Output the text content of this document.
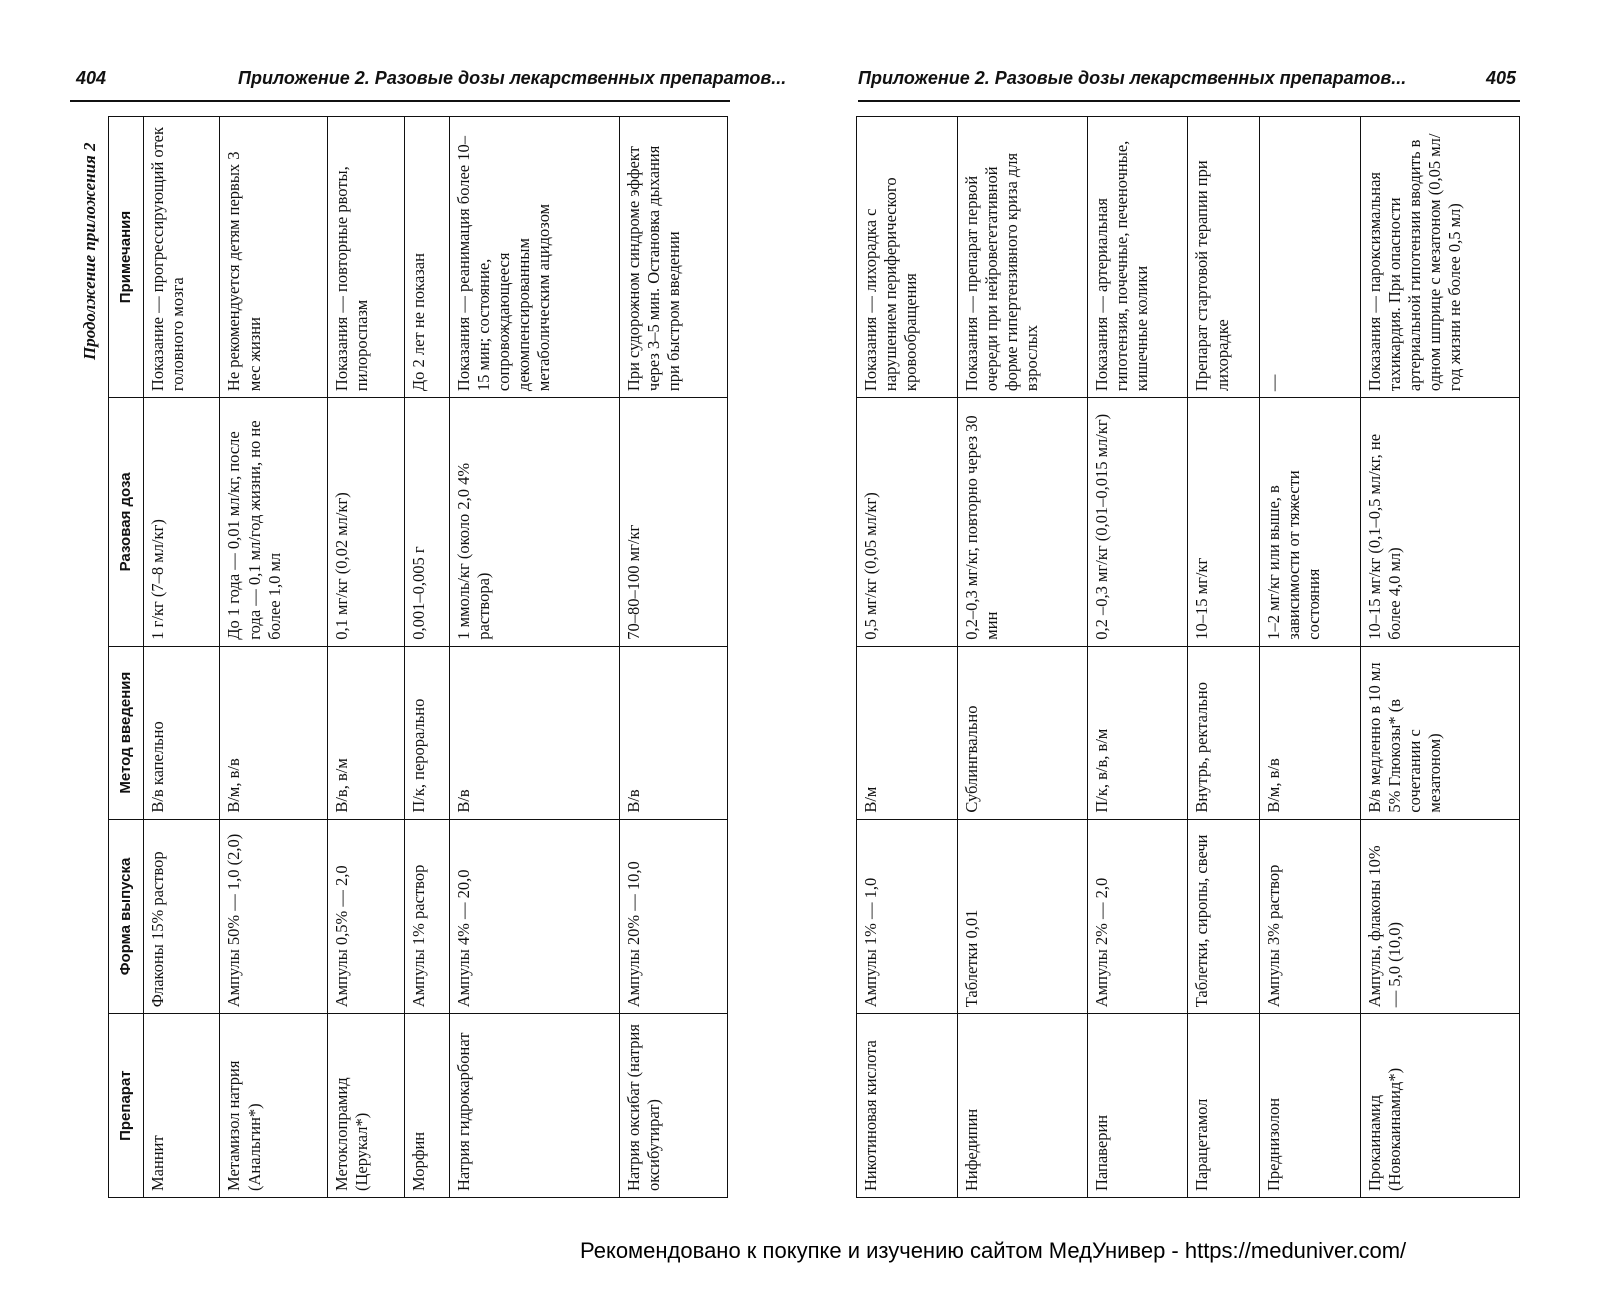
404	Приложение 2. Разовые дозы лекарственных препаратов...	Приложение 2. Разовые дозы лекарственных препаратов...	405
Продолжение приложения 2
Препарат	Форма выпуска	Метод введения	Разовая доза	Примечания
Маннит	Флаконы 15% раствор	В/в капельно	1 г/кг (7–8 мл/кг)	Показание — прогрессирующий отек головного мозга
Метамизол натрия (Анальгин*)	Ампулы 50% — 1,0 (2,0)	В/м, в/в	До 1 года — 0,01 мл/кг, после года — 0,1 мл/год жизни, но не более 1,0 мл	Не рекомендуется детям первых 3 мес жизни
Метоклопрамид (Церукал*)	Ампулы 0,5% — 2,0	В/в, в/м	0,1 мг/кг (0,02 мл/кг)	Показания — повторные рвоты, пилороспазм
Морфин	Ампулы 1% раствор	П/к, перорально	0,001–0,005 г	До 2 лет не показан
Натрия гидрокарбонат	Ампулы 4% — 20,0	В/в	1 ммоль/кг (около 2,0 4% раствора)	Показания — реанимация более 10–15 мин; состояние, сопровождающееся декомпенсированным метаболическим ацидозом
Натрия оксибат (натрия оксибутират)	Ампулы 20% — 10,0	В/в	70–80–100 мг/кг	При судорожном синдроме эффект через 3–5 мин. Остановка дыхания при быстром введении
Никотиновая кислота	Ампулы 1% — 1,0	В/м	0,5 мг/кг (0,05 мл/кг)	Показания — лихорадка с нарушением периферического кровообращения
Нифедипин	Таблетки 0,01	Сублингвально	0,2–0,3 мг/кг, повторно через 30 мин	Показания — препарат первой очереди при нейровегетативной форме гипертензивного криза для взрослых
Папаверин	Ампулы 2% — 2,0	П/к, в/в, в/м	0,2 –0,3 мг/кг (0,01–0,015 мл/кг)	Показания — артериальная гипотензия, почечные, печеночные, кишечные колики
Парацетамол	Таблетки, сиропы, свечи	Внутрь, ректально	10–15 мг/кг	Препарат стартовой терапии при лихорадке
Преднизолон	Ампулы 3% раствор	В/м, в/в	1–2 мг/кг или выше, в зависимости от тяжести состояния	—
Прокаинамид (Новокаинамид*)	Ампулы, флаконы 10% — 5,0 (10,0)	В/в медленно в 10 мл 5% Глюкозы* (в сочетании с мезатоном)	10–15 мг/кг (0,1–0,5 мл/кг, не более 4,0 мл)	Показания — пароксизмальная тахикардия. При опасности артериальной гипотензии вводить в одном шприце с мезатоном (0,05 мл/год жизни не более 0,5 мл)
Рекомендовано к покупке и изучению сайтом МедУнивер - https://meduniver.com/
